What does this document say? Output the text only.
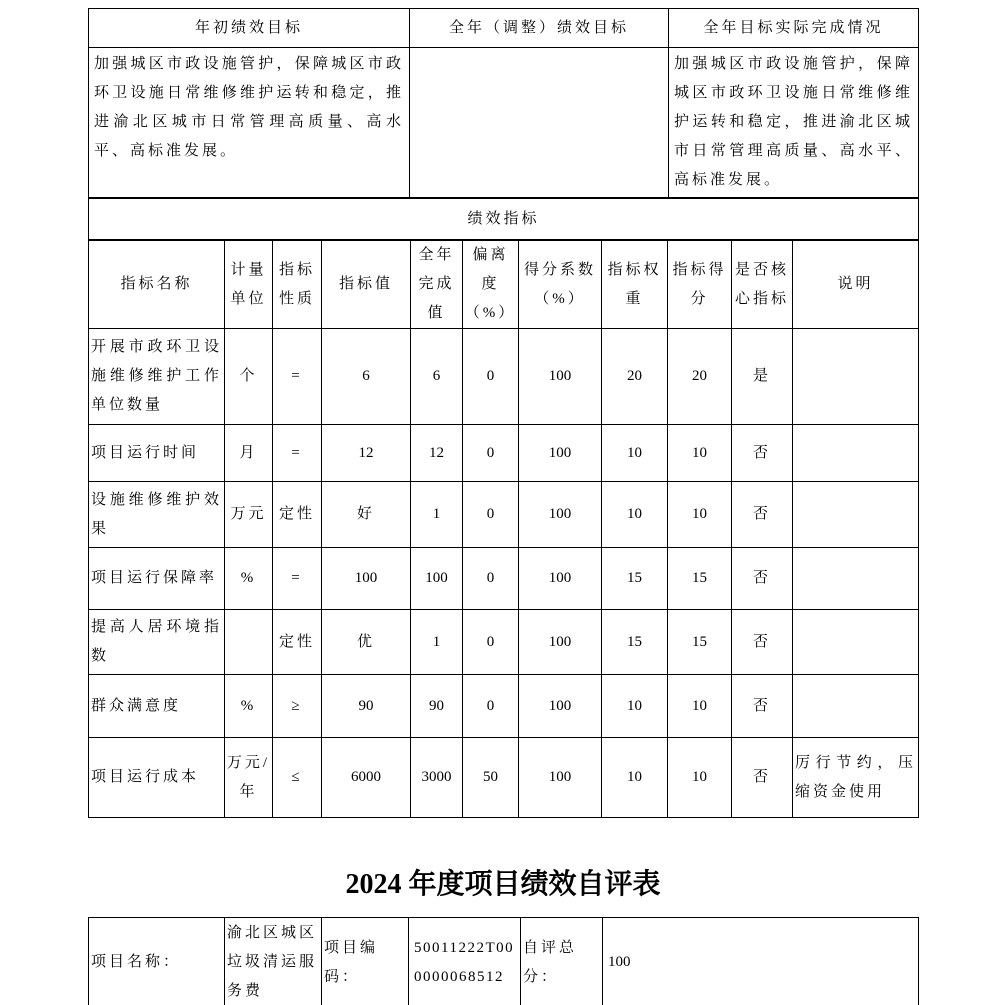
年初绩效目标	全年（调整）绩效目标	全年目标实际完成情况
加强城区市政设施管护，保障城区市政环卫设施日常维修维护运转和稳定，推进渝北区城市日常管理高质量、高水平、高标准发展。		加强城区市政设施管护，保障城区市政环卫设施日常维修维护运转和稳定，推进渝北区城市日常管理高质量、高水平、高标准发展。
绩效指标
指标名称	计量单位	指标性质	指标值	全年完成值	偏离度（%）	得分系数（%）	指标权重	指标得分	是否核心指标	说明
开展市政环卫设施维修维护工作单位数量	个	=	6	6	0	100	20	20	是	
项目运行时间	月	=	12	12	0	100	10	10	否	
设施维修维护效果	万元	定性	好	1	0	100	10	10	否	
项目运行保障率	%	=	100	100	0	100	15	15	否	
提高人居环境指数		定性	优	1	0	100	15	15	否	
群众满意度	%	≥	90	90	0	100	10	10	否	
项目运行成本	万元/年	≤	6000	3000	50	100	10	10	否	厉行节约，压缩资金使用
2024 年度项目绩效自评表
项目名称：	渝北区城区垃圾清运服务费	项目编码：	50011222T000000068512	自评总分：	100
